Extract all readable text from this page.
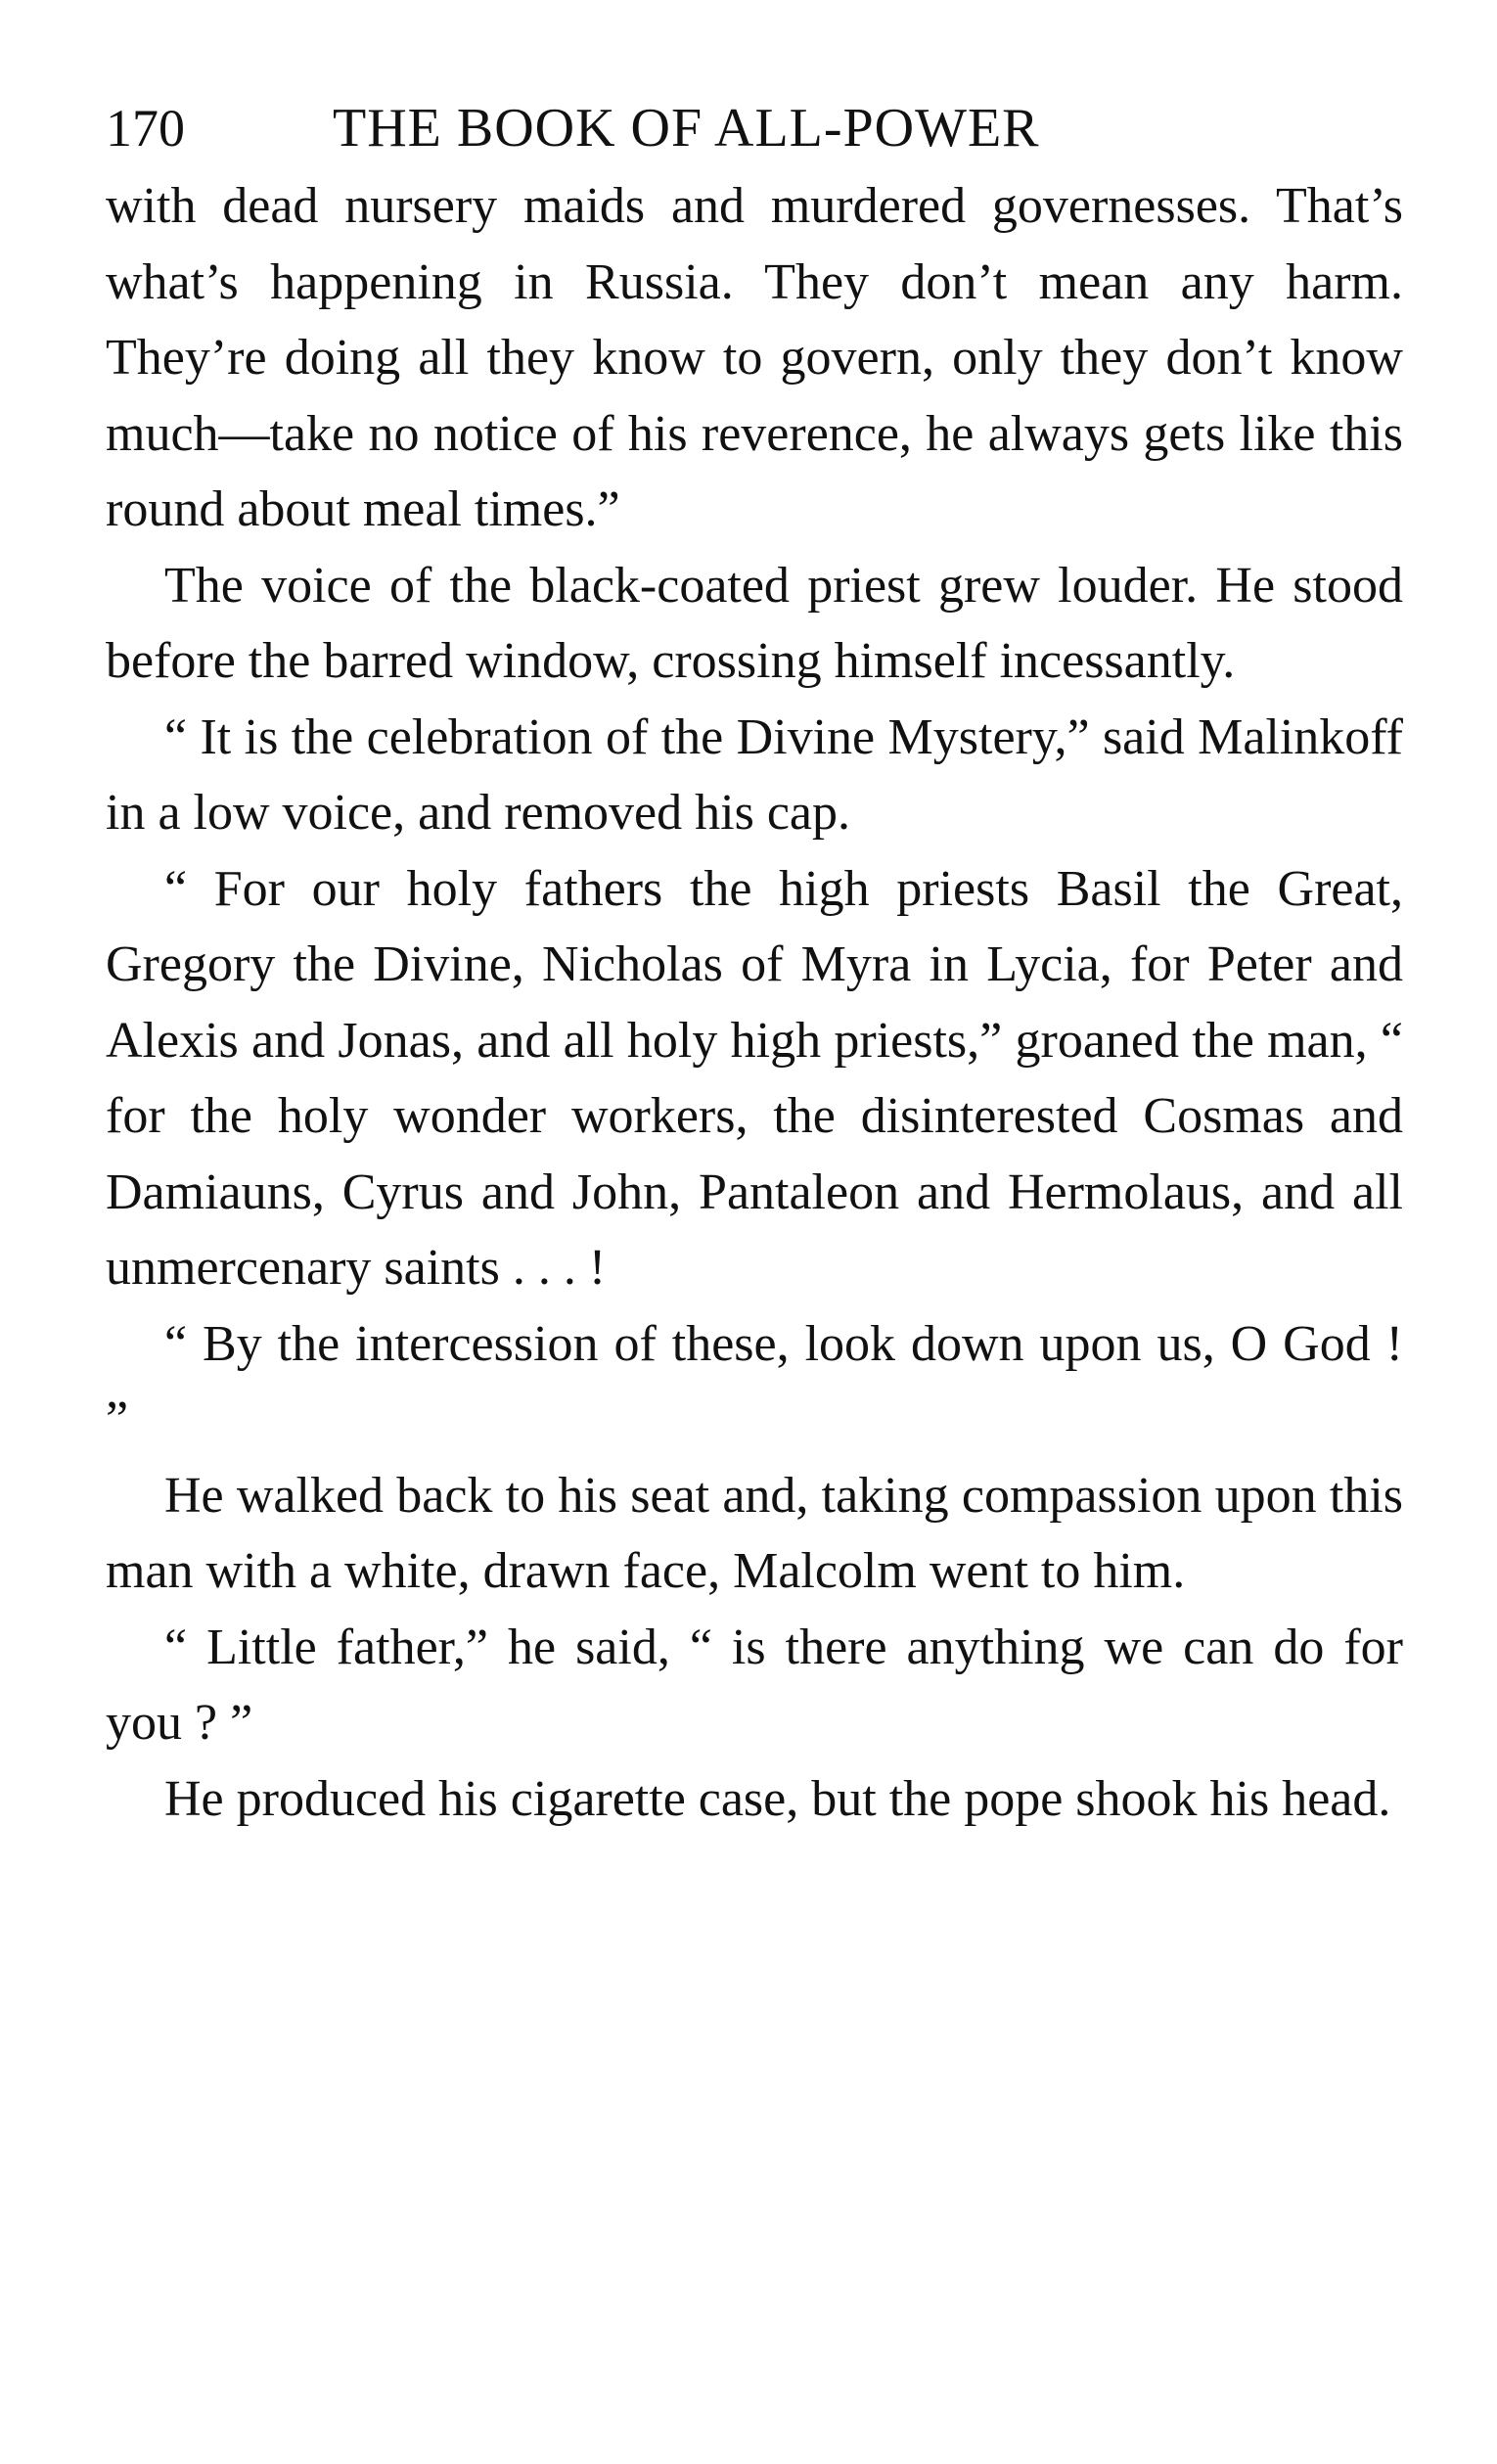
170	THE BOOK OF ALL-POWER

with dead nursery maids and murdered governesses. That’s what’s happening in Russia. They don’t mean any harm. They’re doing all they know to govern, only they don’t know much—take no notice of his reverence, he always gets like this round about meal times.”

The voice of the black-coated priest grew louder. He stood before the barred window, crossing himself incessantly.

“ It is the celebration of the Divine Mystery,” said Malinkoff in a low voice, and removed his cap.

“ For our holy fathers the high priests Basil the Great, Gregory the Divine, Nicholas of Myra in Lycia, for Peter and Alexis and Jonas, and all holy high priests,” groaned the man, “ for the holy wonder workers, the disinterested Cosmas and Damiauns, Cyrus and John, Pantaleon and Hermolaus, and all unmercenary saints . . . !

“ By the intercession of these, look down upon us, O God ! ”

He walked back to his seat and, taking compassion upon this man with a white, drawn face, Malcolm went to him.

“ Little father,” he said, “ is there anything we can do for you ? ”

He produced his cigarette case, but the pope shook his head.
